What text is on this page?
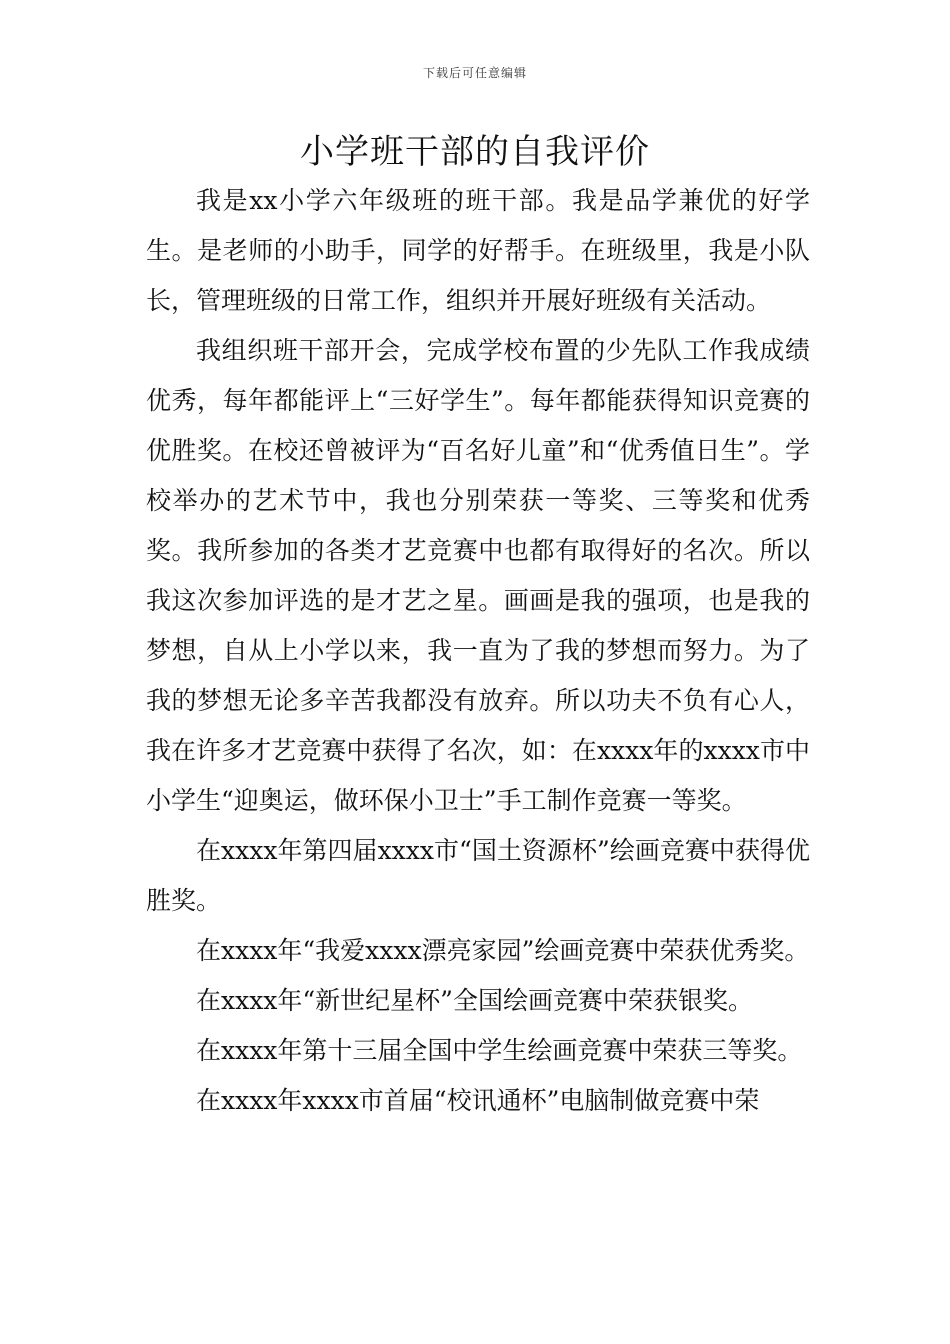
下载后可任意编辑
小学班干部的自我评价

我是xx小学六年级班的班干部。我是品学兼优的好学生。是老师的小助手，同学的好帮手。在班级里，我是小队长，管理班级的日常工作，组织并开展好班级有关活动。

我组织班干部开会，完成学校布置的少先队工作我成绩优秀，每年都能评上“三好学生”。每年都能获得知识竞赛的优胜奖。在校还曾被评为“百名好儿童”和“优秀值日生”。学校举办的艺术节中，我也分别荣获一等奖、三等奖和优秀奖。我所参加的各类才艺竞赛中也都有取得好的名次。所以我这次参加评选的是才艺之星。画画是我的强项，也是我的梦想，自从上小学以来，我一直为了我的梦想而努力。为了我的梦想无论多辛苦我都没有放弃。所以功夫不负有心人，我在许多才艺竞赛中获得了名次，如：在xxxx年的xxxx市中小学生“迎奥运，做环保小卫士”手工制作竞赛一等奖。

在xxxx年第四届xxxx市“国土资源杯”绘画竞赛中获得优胜奖。

在xxxx年“我爱xxxx漂亮家园”绘画竞赛中荣获优秀奖。

在xxxx年“新世纪星杯”全国绘画竞赛中荣获银奖。

在xxxx年第十三届全国中学生绘画竞赛中荣获三等奖。

在xxxx年xxxx市首届“校讯通杯”电脑制做竞赛中荣
